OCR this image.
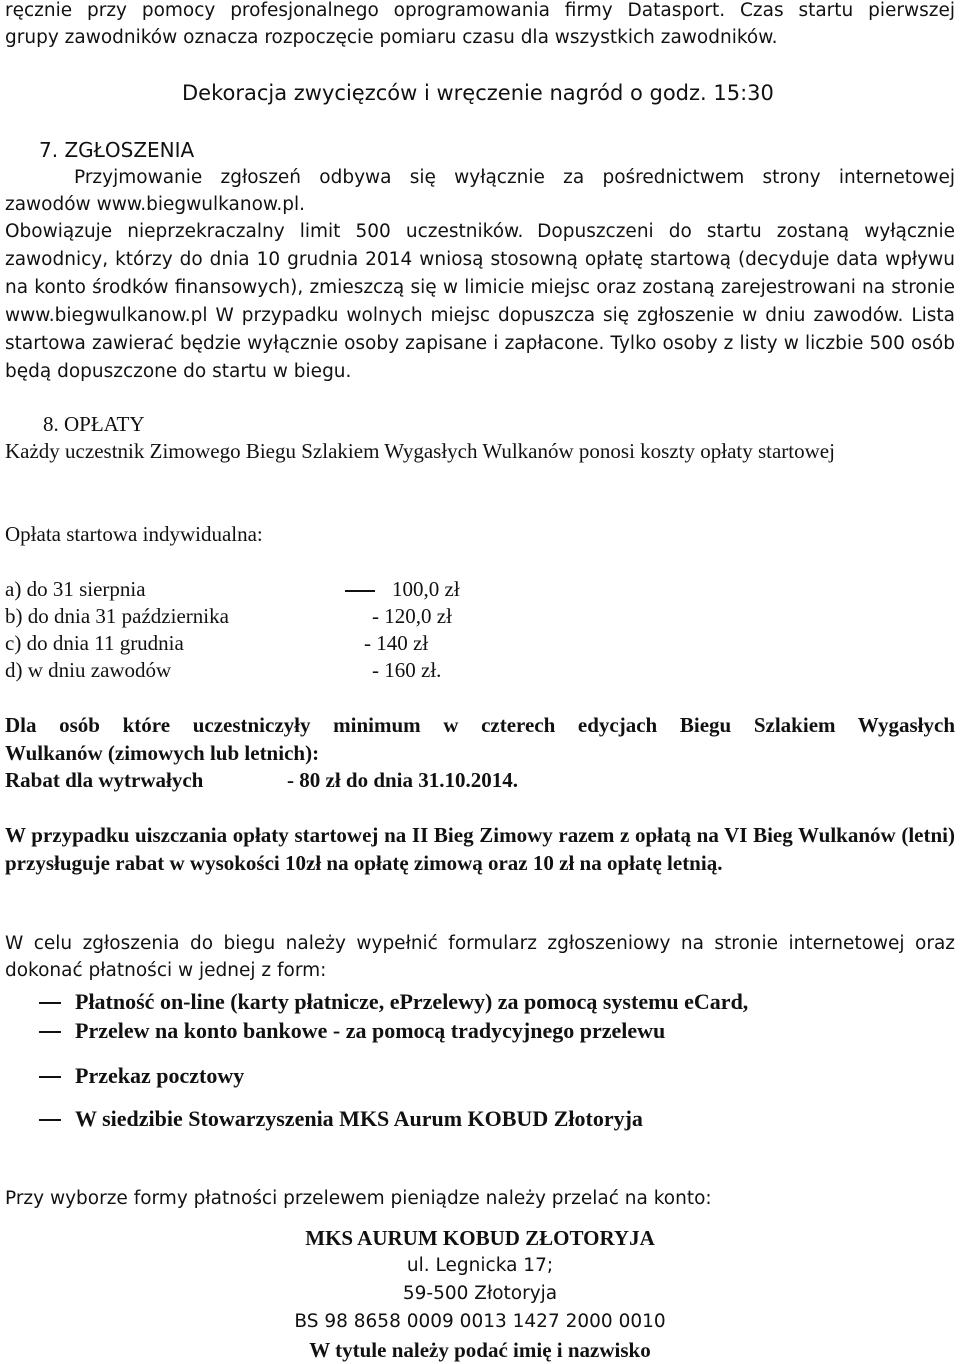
ręcznie przy pomocy profesjonalnego oprogramowania firmy Datasport. Czas startu pierwszej
grupy zawodników oznacza rozpoczęcie pomiaru czasu dla wszystkich zawodników.
Dekoracja zwycięzców i wręczenie nagród o godz. 15:30
7. ZGŁOSZENIA
Przyjmowanie zgłoszeń odbywa się wyłącznie za pośrednictwem strony internetowej
zawodów www.biegwulkanow.pl.
Obowiązuje nieprzekraczalny limit 500 uczestników. Dopuszczeni do startu zostaną wyłącznie zawodnicy, którzy do dnia 10 grudnia 2014 wniosą stosowną opłatę startową (decyduje data wpływu na konto środków finansowych), zmieszczą się w limicie miejsc oraz zostaną zarejestrowani na stronie www.biegwulkanow.pl W przypadku wolnych miejsc dopuszcza się zgłoszenie w dniu zawodów. Lista startowa zawierać będzie wyłącznie osoby zapisane i zapłacone. Tylko osoby z listy w liczbie 500 osób będą dopuszczone do startu w biegu.
8. OPŁATY
Każdy uczestnik Zimowego Biegu Szlakiem Wygasłych Wulkanów ponosi koszty opłaty startowej
Opłata startowa indywidualna:
a) do 31 sierpnia	100,0 zł
b) do dnia 31 października	- 120,0 zł
c) do dnia 11 grudnia	- 140 zł
d) w dniu zawodów	- 160 zł.
Dla osób które uczestniczyły minimum w czterech edycjach Biegu Szlakiem Wygasłych
Wulkanów (zimowych lub letnich):
Rabat dla wytrwałych	- 80 zł do dnia 31.10.2014.
W przypadku uiszczania opłaty startowej na II Bieg Zimowy razem z opłatą na VI Bieg Wulkanów (letni) przysługuje rabat w wysokości 10zł na opłatę zimową oraz 10 zł na opłatę letnią.
W celu zgłoszenia do biegu należy wypełnić formularz zgłoszeniowy na stronie internetowej oraz
dokonać płatności w jednej z form:
Płatność on-line (karty płatnicze, ePrzelewy) za pomocą systemu eCard,
Przelew na konto bankowe - za pomocą tradycyjnego przelewu
Przekaz pocztowy
W siedzibie Stowarzyszenia MKS Aurum KOBUD Złotoryja
Przy wyborze formy płatności przelewem pieniądze należy przelać na konto:
MKS AURUM KOBUD ZŁOTORYJA
ul. Legnicka 17;
59-500 Złotoryja
BS 98 8658 0009 0013 1427 2000 0010
W tytule należy podać imię i nazwisko
